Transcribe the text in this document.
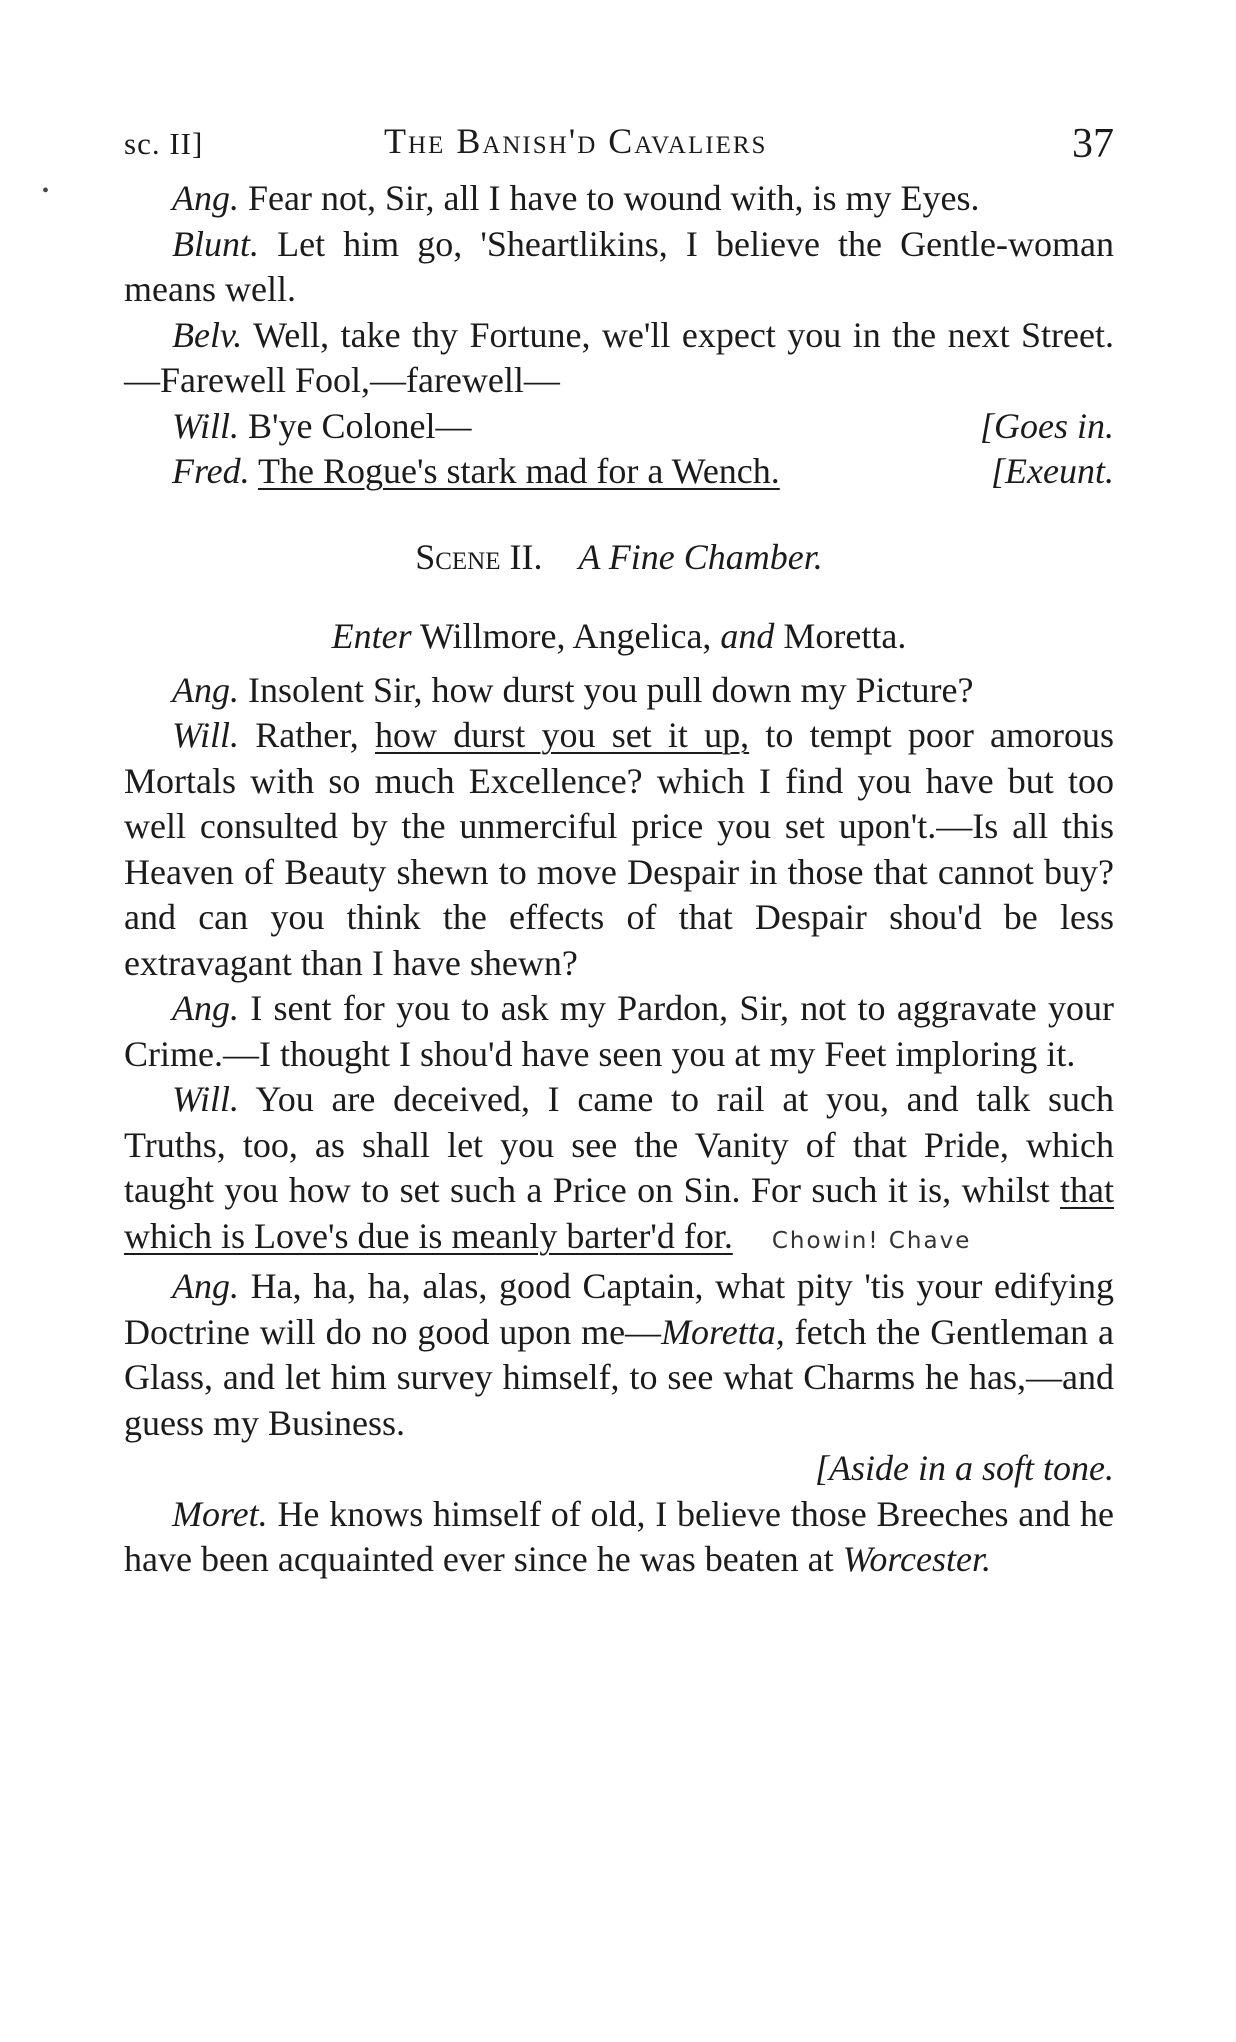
sc. II]	The Banish'd Cavaliers	37
•	Ang. Fear not, Sir, all I have to wound with, is my Eyes.

Blunt. Let him go, 'Sheartlikins, I believe the Gentle-woman means well.

Belv. Well, take thy Fortune, we'll expect you in the next Street.—Farewell Fool,—farewell—

Will. B'ye Colonel—	[Goes in.

Fred. The Rogue's stark mad for a Wench.	[Exeunt.

Scene II. A Fine Chamber.

Enter Willmore, Angelica, and Moretta.

Ang. Insolent Sir, how durst you pull down my Picture?

Will. Rather, how durst you set it up, to tempt poor amorous Mortals with so much Excellence? which I find you have but too well consulted by the unmerciful price you set upon't.—Is all this Heaven of Beauty shewn to move Despair in those that cannot buy? and can you think the effects of that Despair shou'd be less extravagant than I have shewn?

Ang. I sent for you to ask my Pardon, Sir, not to aggravate your Crime.—I thought I shou'd have seen you at my Feet imploring it.

Will. You are deceived, I came to rail at you, and talk such Truths, too, as shall let you see the Vanity of that Pride, which taught you how to set such a Price on Sin. For such it is, whilst that which is Love's due is meanly barter'd for. Chowin! Chave

Ang. Ha, ha, ha, alas, good Captain, what pity 'tis your edifying Doctrine will do no good upon me—Moretta, fetch the Gentleman a Glass, and let him survey himself, to see what Charms he has,—and guess my Business.

[Aside in a soft tone.

Moret. He knows himself of old, I believe those Breeches and he have been acquainted ever since he was beaten at Worcester.
